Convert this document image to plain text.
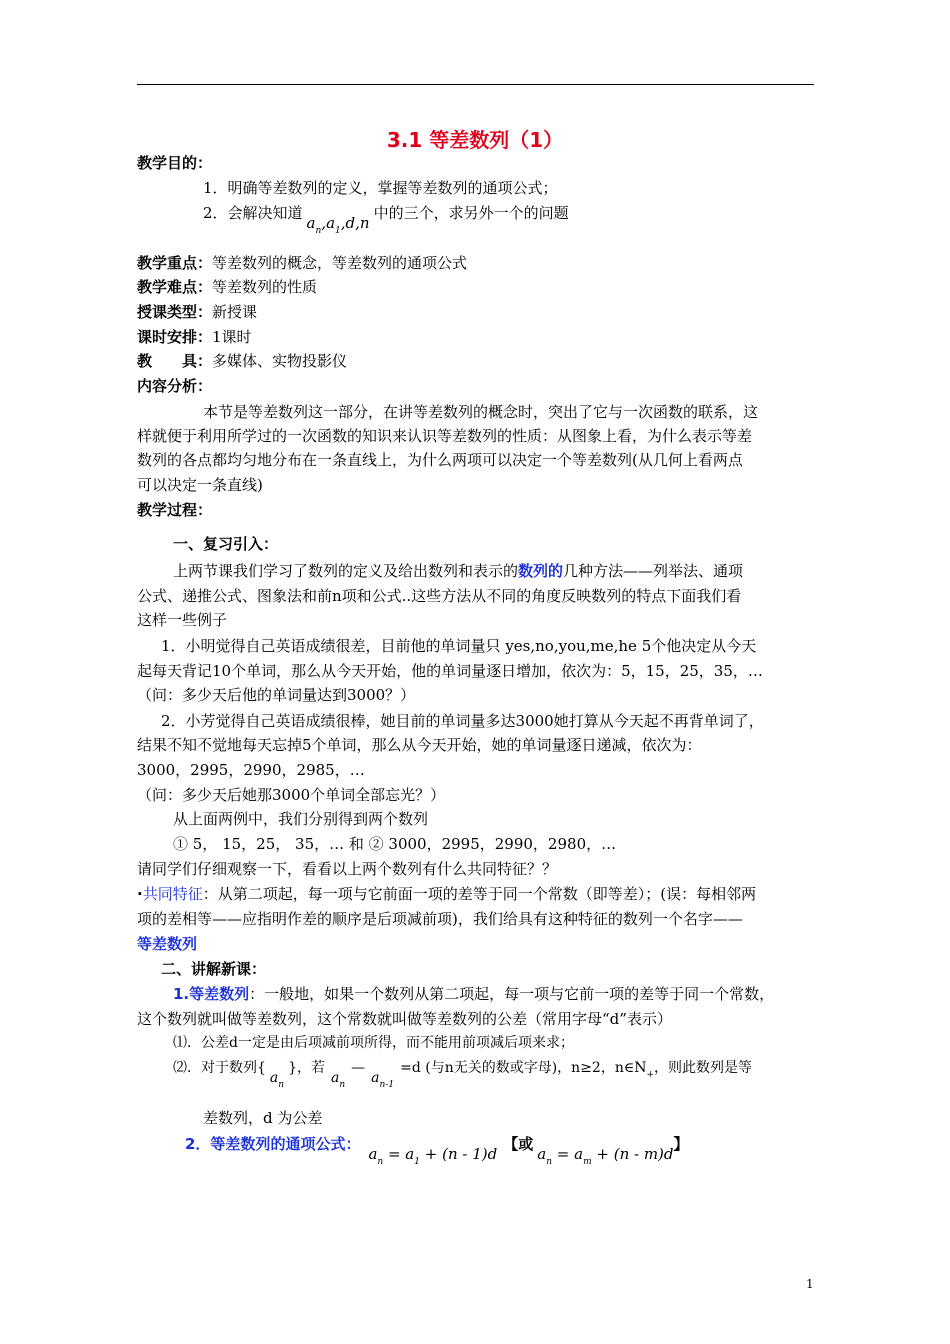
3.1 等差数列（1）
教学目的：
1．明确等差数列的定义，掌握等差数列的通项公式；
2．会解决知道$a_n,a_1,d,n$中的三个，求另外一个的问题
教学重点：等差数列的概念，等差数列的通项公式
教学难点：等差数列的性质
授课类型：新授课
课时安排：1课时
教　　具：多媒体、实物投影仪
内容分析：
本节是等差数列这一部分，在讲等差数列的概念时，突出了它与一次函数的联系，这
样就便于利用所学过的一次函数的知识来认识等差数列的性质：从图象上看，为什么表示等差
数列的各点都均匀地分布在一条直线上，为什么两项可以决定一个等差数列(从几何上看两点
可以决定一条直线)
教学过程：
一、复习引入：
上两节课我们学习了数列的定义及给出数列和表示的数列的几种方法——列举法、通项
公式、递推公式、图象法和前n项和公式..这些方法从不同的角度反映数列的特点下面我们看
这样一些例子
1．小明觉得自己英语成绩很差，目前他的单词量只 yes,no,you,me,he 5个他决定从今天
起每天背记10个单词，那么从今天开始，他的单词量逐日增加，依次为：5，15，25，35，…
（问：多少天后他的单词量达到3000？）
2．小芳觉得自己英语成绩很棒，她目前的单词量多达3000她打算从今天起不再背单词了，
结果不知不觉地每天忘掉5个单词，那么从今天开始，她的单词量逐日递减，依次为：
3000，2995，2990，2985，…
（问：多少天后她那3000个单词全部忘光？）
从上面两例中，我们分别得到两个数列
① 5， 15，25， 35，… 和 ② 3000，2995，2990，2980，…
请同学们仔细观察一下，看看以上两个数列有什么共同特征？？
·共同特征：从第二项起，每一项与它前面一项的差等于同一个常数（即等差）；(误：每相邻两
项的差相等——应指明作差的顺序是后项减前项)，我们给具有这种特征的数列一个名字——
等差数列
二、讲解新课：
1.等差数列：一般地，如果一个数列从第二项起，每一项与它前一项的差等于同一个常数，
这个数列就叫做等差数列，这个常数就叫做等差数列的公差（常用字母“d”表示）
⑴．公差d一定是由后项减前项所得，而不能用前项减后项来求；
⑵．对于数列$\{a_n\}$，若$a_n—a_{n-1}=d$ (与n无关的数或字母)，n≥2，$n\in N_+$，则此数列是等
差数列，d 为公差
2．等差数列的通项公式：$a_n = a_1 + (n - 1)d$【或$a_n = a_m + (n - m)d$】
1
